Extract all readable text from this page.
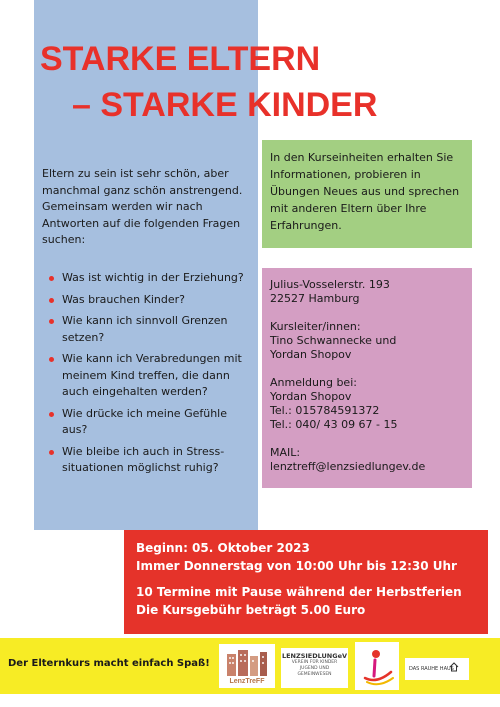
STARKE ELTERN
– STARKE KINDER

Eltern zu sein ist sehr schön, aber manchmal ganz schön anstrengend. Gemeinsam werden wir nach Antworten auf die folgenden Fragen suchen:

Was ist wichtig in der Erziehung?
Was brauchen Kinder?
Wie kann ich sinnvoll Grenzen setzen?
Wie kann ich Verabredungen mit meinem Kind treffen, die dann auch eingehalten werden?
Wie drücke ich meine Gefühle aus?
Wie bleibe ich auch in Stress-situationen möglichst ruhig?
In den Kurseinheiten erhalten Sie Informationen, probieren in Übungen Neues aus und sprechen mit anderen Eltern über Ihre Erfahrungen.

Julius-Vosselerstr. 193
22527 Hamburg

Kursleiter/innen:
Tino Schwannecke und
Yordan Shopov

Anmeldung bei:
Yordan Shopov
Tel.: 015784591372
Tel.: 040/ 43 09 67 - 15

MAIL:
lenztreff@lenzsiedlungev.de

Beginn: 05. Oktober 2023
Immer Donnerstag von 10:00 Uhr bis 12:30 Uhr

10 Termine mit Pause während der Herbstferien
Die Kursgebühr beträgt 5.00 Euro

Der Elternkurs macht einfach Spaß!
LenzTreFF
LENZSIEDLUNGeV
VEREIN FÜR KINDER
JUGEND UND
GEMEINWESEN
DAS RAUHE HAUS
